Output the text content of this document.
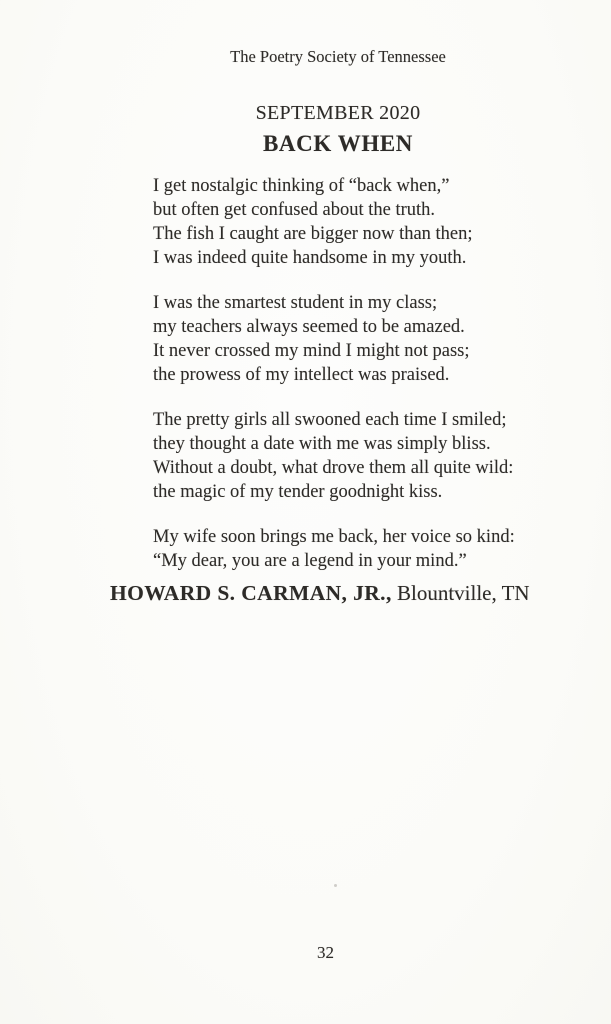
The Poetry Society of Tennessee
SEPTEMBER 2020
BACK WHEN
I get nostalgic thinking of “back when,”
but often get confused about the truth.
The fish I caught are bigger now than then;
I was indeed quite handsome in my youth.
I was the smartest student in my class;
my teachers always seemed to be amazed.
It never crossed my mind I might not pass;
the prowess of my intellect was praised.
The pretty girls all swooned each time I smiled;
they thought a date with me was simply bliss.
Without a doubt, what drove them all quite wild:
the magic of my tender goodnight kiss.
My wife soon brings me back, her voice so kind:
“My dear, you are a legend in your mind.”
HOWARD S. CARMAN, JR., Blountville, TN
32
